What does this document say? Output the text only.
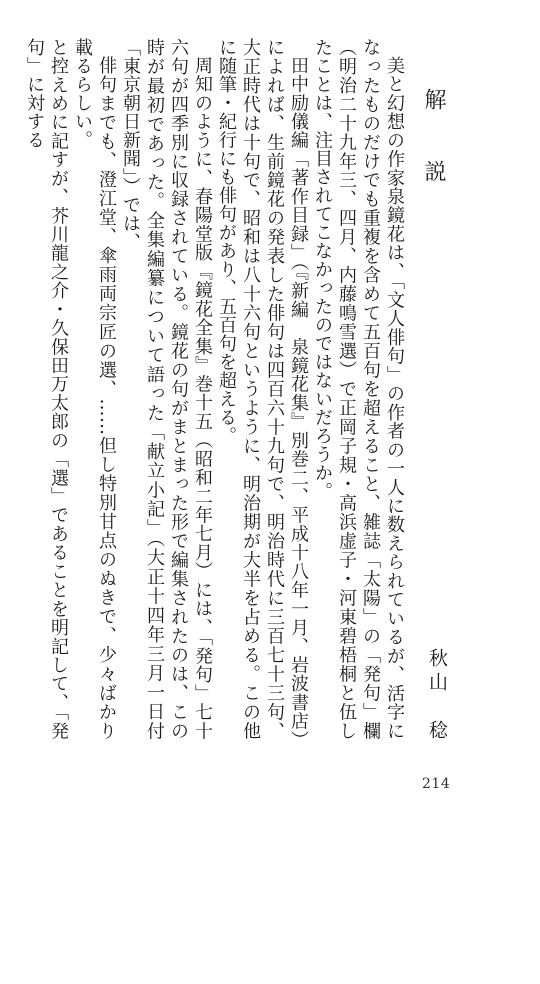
解　説

美と幻想の作家泉鏡花は、「文人俳句」の作者の一人に数えられているが、活字になったものだけでも重複を含めて五百句を超えること、雑誌「太陽」の「発句」欄（明治二十九年三、四月、内藤鳴雪選）で正岡子規・高浜虚子・河東碧梧桐と伍したことは、注目されてこなかったのではないだろうか。

田中励儀編「著作目録」（『新編　泉鏡花集』別巻二、平成十八年一月、岩波書店）によれば、生前鏡花の発表した俳句は四百六十九句で、明治時代に三百七十三句、大正時代は十句で、昭和は八十六句というように、明治期が大半を占める。この他に随筆・紀行にも俳句があり、五百句を超える。

周知のように、春陽堂版『鏡花全集』巻十五（昭和二年七月）には、「発句」七十六句が四季別に収録されている。鏡花の句がまとまった形で編集されたのは、この時が最初であった。全集編纂について語った「献立小記」（大正十四年三月一日付「東京朝日新聞」）では、

俳句までも、澄江堂、傘雨両宗匠の選、……但し特別甘点のぬきで、少々ばかり載るらしい。

と控えめに記すが、芥川龍之介・久保田万太郎の「選」であることを明記して、「発句」に対する

秋山　稔
214
